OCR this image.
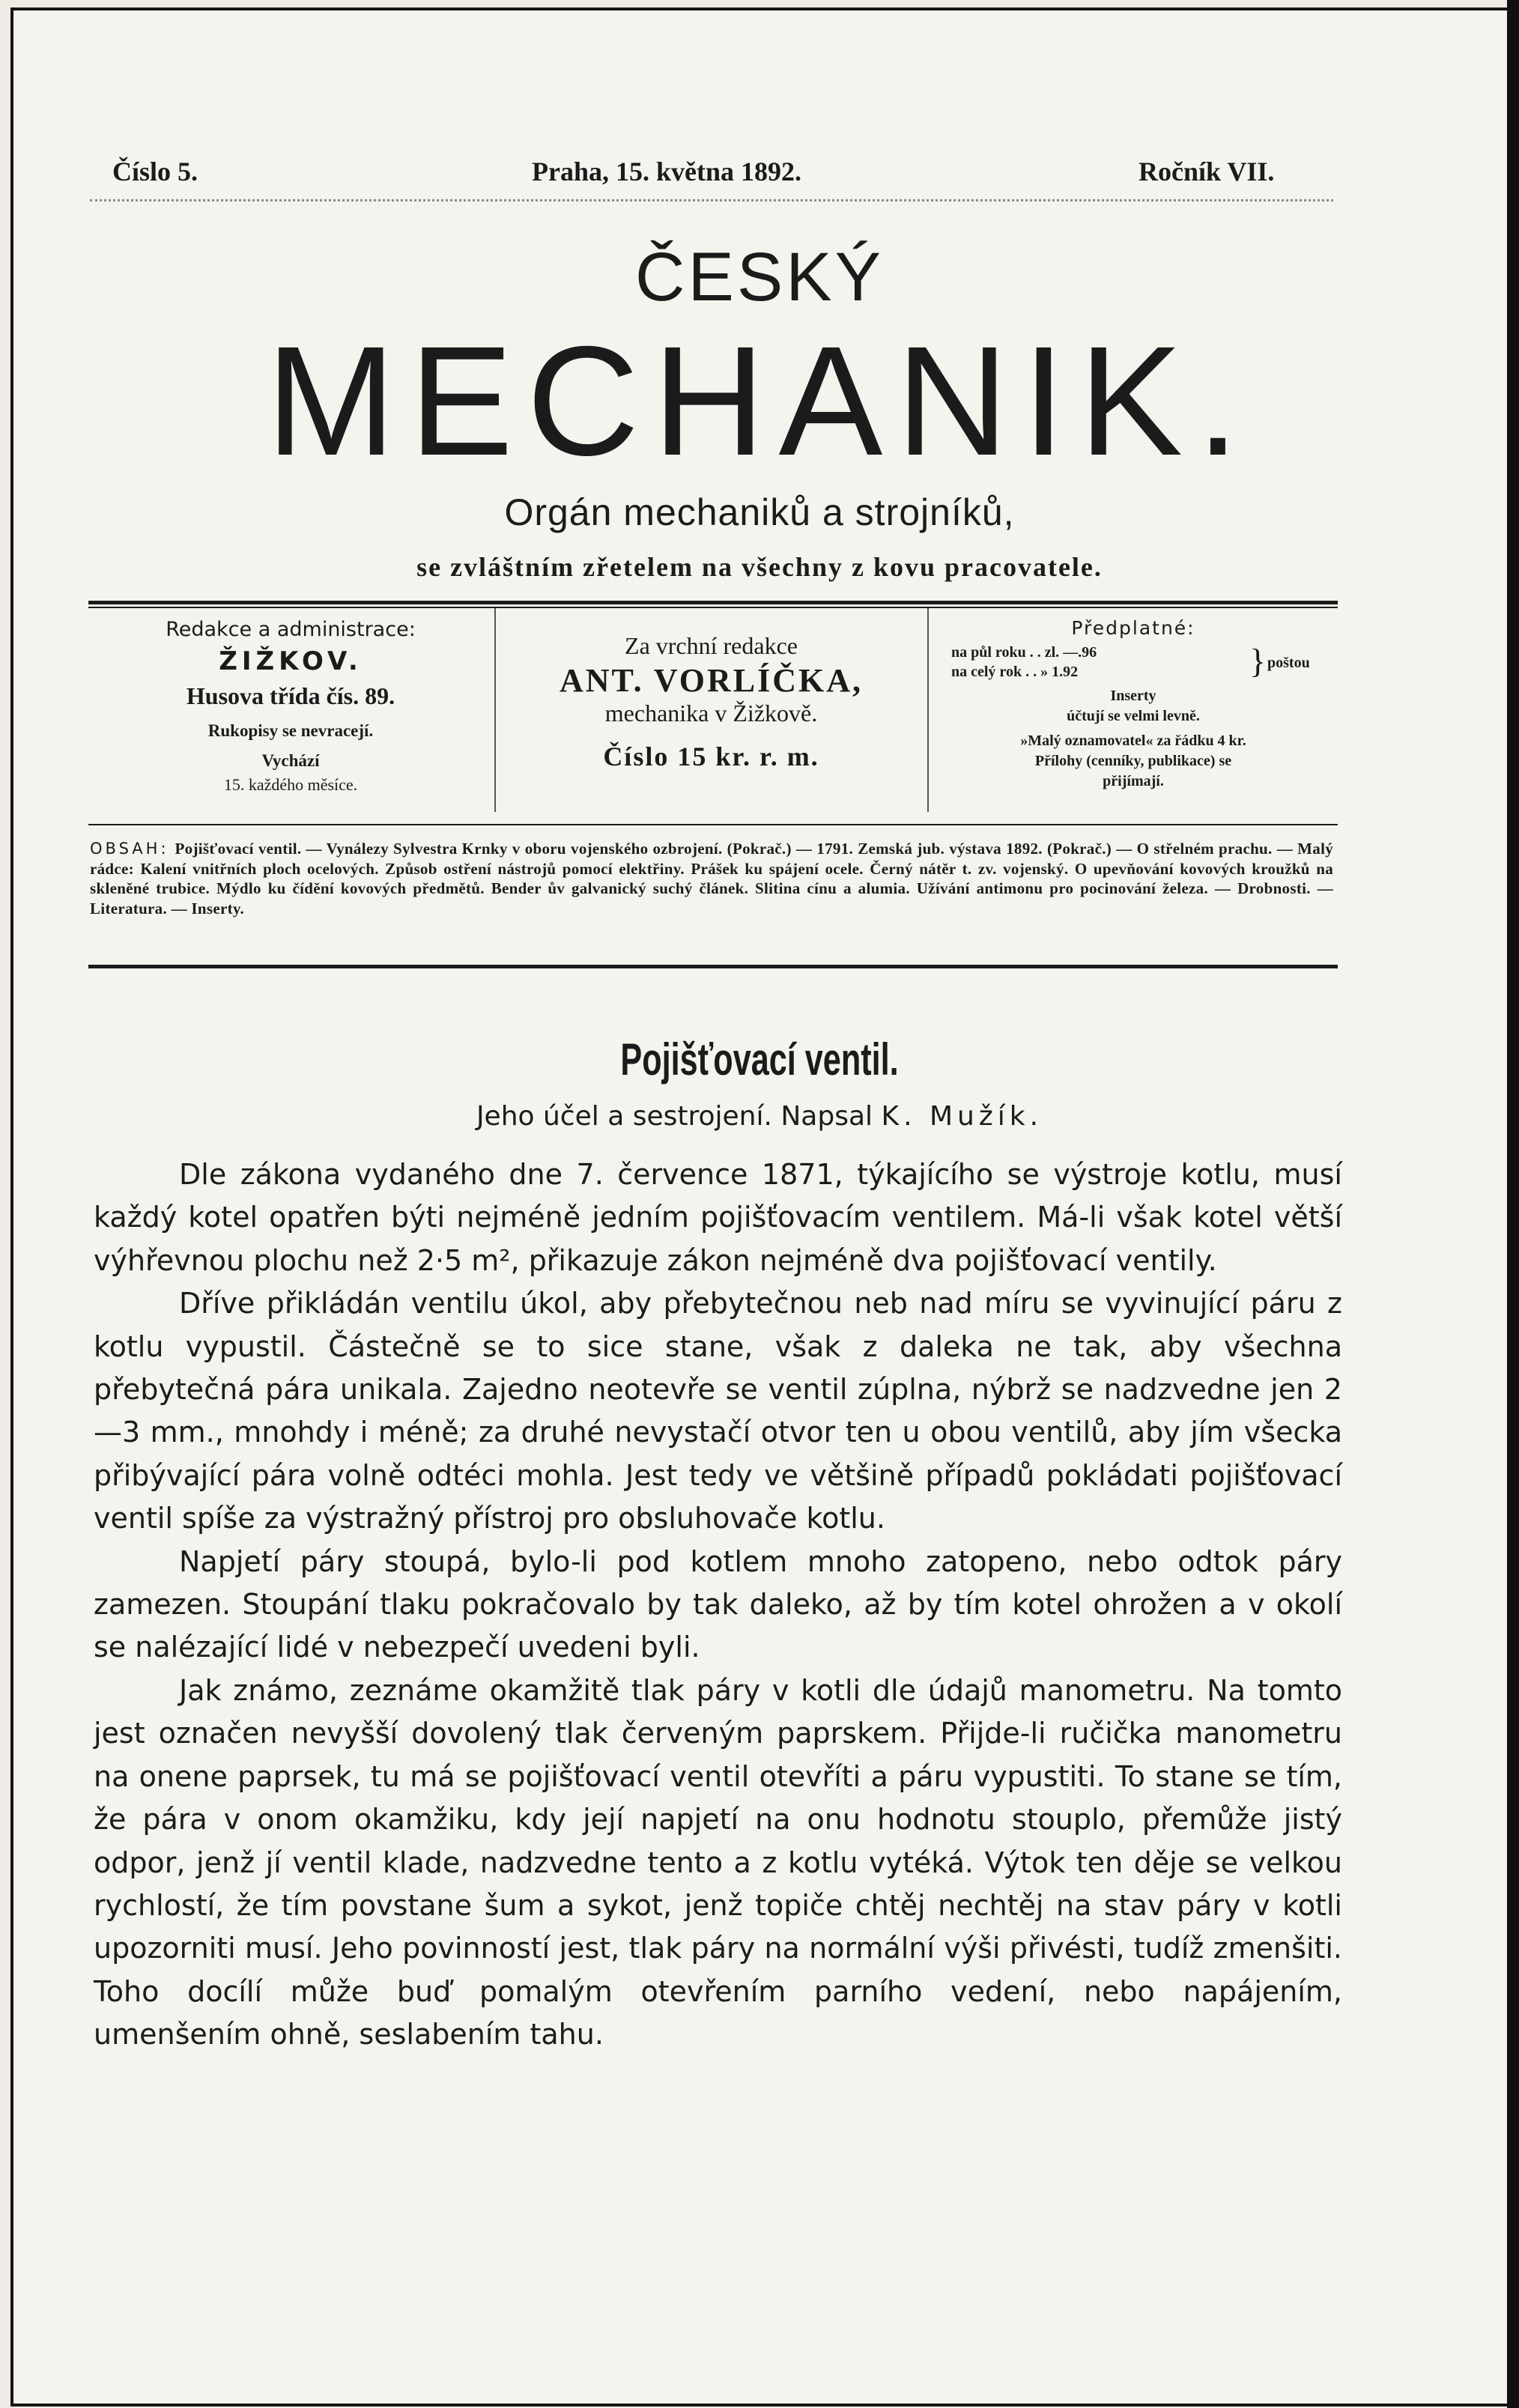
Číslo 5.	Praha, 15. května 1892.	Ročník VII.
ČESKÝ
MECHANIK.
Orgán mechaniků a strojníků,
se zvláštním zřetelem na všechny z kovu pracovatele.
Redakce a administrace:
ŽIŽKOV.
Husova třída čís. 89.
Rukopisy se nevracejí.
Vychází
15. každého měsíce.
Za vrchní redakce
ANT. VORLÍČKA,
mechanika v Žižkově.
Číslo 15 kr. r. m.
Předplatné:
na půl roku . . zl. —.96
na celý rok . . » 1.92	} poštou
Inserty
účtují se velmi levně.
»Malý oznamovatel« za řádku 4 kr.
Přílohy (cenníky, publikace) se
přijímají.
OBSAH: Pojišťovací ventil. — Vynálezy Sylvestra Krnky v oboru vojenského ozbrojení. (Pokrač.) — 1791. Zemská jub. výstava 1892. (Pokrač.) — O střelném prachu. — Malý rádce: Kalení vnitřních ploch ocelových. Způsob ostření nástrojů pomocí elektřiny. Prášek ku spájení ocele. Černý nátěr t. zv. vojenský. O upevňování kovových kroužků na skleněné trubice. Mýdlo ku čídění kovových předmětů. Bender ův galvanický suchý článek. Slitina cínu a alumia. Užívání antimonu pro pocinování železa. — Drobnosti. — Literatura. — Inserty.
Pojišťovací ventil.
Jeho účel a sestrojení. Napsal K. Mužík.

Dle zákona vydaného dne 7. července 1871, týkajícího se výstroje kotlu, musí každý kotel opatřen býti nejméně jedním pojišťovacím ventilem. Má-li však kotel větší výhřevnou plochu než 2·5 m², přikazuje zákon nejméně dva pojišťovací ventily.

Dříve přikládán ventilu úkol, aby přebytečnou neb nad míru se vyvinující páru z kotlu vypustil. Částečně se to sice stane, však z daleka ne tak, aby všechna přebytečná pára unikala. Zajedno neotevře se ventil zúplna, nýbrž se nadzvedne jen 2—3 mm., mnohdy i méně; za druhé nevystačí otvor ten u obou ventilů, aby jím všecka přibývající pára volně odtéci mohla. Jest tedy ve většině případů pokládati pojišťovací ventil spíše za výstražný přístroj pro obsluhovače kotlu.

Napjetí páry stoupá, bylo-li pod kotlem mnoho zatopeno, nebo odtok páry zamezen. Stoupání tlaku pokračovalo by tak daleko, až by tím kotel ohrožen a v okolí se nalézající lidé v nebezpečí uvedeni byli.

Jak známo, zeznáme okamžitě tlak páry v kotli dle údajů manometru. Na tomto jest označen nevyšší dovolený tlak červeným paprskem. Přijde-li ručička manometru na onene paprsek, tu má se pojišťovací ventil otevříti a páru vypustiti. To stane se tím, že pára v onom okamžiku, kdy její napjetí na onu hodnotu stouplo, přemůže jistý odpor, jenž jí ventil klade, nadzvedne tento a z kotlu vytéká. Výtok ten děje se velkou rychlostí, že tím povstane šum a sykot, jenž topiče chtěj nechtěj na stav páry v kotli upozorniti musí. Jeho povinností jest, tlak páry na normální výši přivésti, tudíž zmenšiti. Toho docílí může buď pomalým otevřením parního vedení, nebo napájením, umenšením ohně, seslabením tahu.
